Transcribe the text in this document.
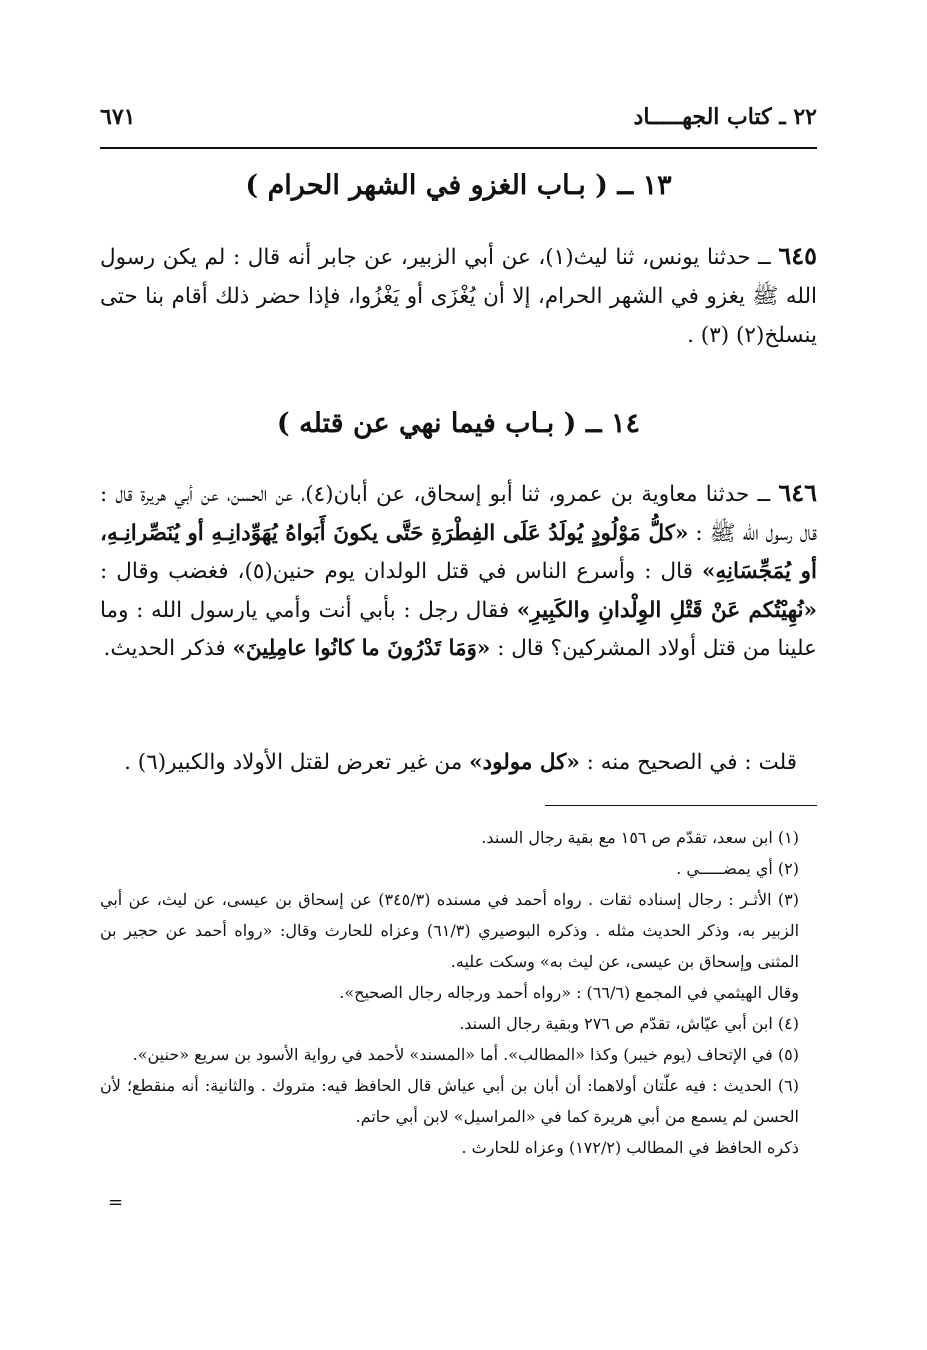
٢٢ ـ كتاب الجهـــــاد
٦٧١
١٣ ــ ( بـاب الغزو في الشهر الحرام )
٦٤٥ ــ حدثنا يونس، ثنا ليث(١)، عن أبي الزبير، عن جابر أنه قال : لم يكن رسول الله ﷺ يغزو في الشهر الحرام، إلا أن يُغْزَى أو يَغْزُوا، فإذا حضر ذلك أقام بنا حتى ينسلخ(٢) (٣) .
١٤ ــ ( بـاب فيما نهي عن قتله )
٦٤٦ ــ حدثنا معاوية بن عمرو، ثنا أبو إسحاق، عن أبان(٤)، عن الحسن، عن أبي هريرة قال : قال رسول الله ﷺ : «كلُّ مَوْلُودٍ يُولَدُ عَلَى الفِطْرَةِ حَتَّى يكونَ أَبَواهُ يُهَوِّدانِـهِ أو يُنَصِّرانِـهِ، أو يُمَجِّسَانِهِ» قال : وأسرع الناس في قتل الولدان يوم حنين(٥)، فغضب وقال : «نُهِيْتُكم عَنْ قَتْلِ الوِلْدانِ والكَبِيرِ» فقال رجل : بأبي أنت وأمي يارسول الله : وما علينا من قتل أولاد المشركين؟ قال : «وَمَا تَدْرُونَ ما كانُوا عامِلِينَ» فذكر الحديث.
قلت : في الصحيح منه : «كل مولود» من غير تعرض لقتل الأولاد والكبير(٦) .

(١) ابن سعد، تقدّم ص ١٥٦ مع بقية رجال السند.

(٢) أي يمضـــــي .

(٣) الأثـر : رجال إسناده ثقات . رواه أحمد في مسنده (٣٤٥/٣) عن إسحاق بن عيسى، عن ليث، عن أبي الزبير به، وذكر الحديث مثله . وذكره البوصيري (٦١/٣) وعزاه للحارث وقال: «رواه أحمد عن حجير بن المثنى وإسحاق بن عيسى، عن ليث به» وسكت عليه.

وقال الهيثمي في المجمع (٦٦/٦) : «رواه أحمد ورجاله رجال الصحيح».

(٤) ابن أبي عيّاش، تقدّم ص ٢٧٦ وبقية رجال السند.

(٥) في الإتحاف (يوم خيبر) وكذا «المطالب». أما «المسند» لأحمد في رواية الأسود بن سريع «حنين».

(٦) الحديث : فيه علّتان أولاهما: أن أبان بن أبي عياش قال الحافظ فيه: متروك . والثانية: أنه منقطع؛ لأن الحسن لم يسمع من أبي هريرة كما في «المراسيل» لابن أبي حاتم.

ذكره الحافظ في المطالب (١٧٢/٢) وعزاه للحارث .

=
